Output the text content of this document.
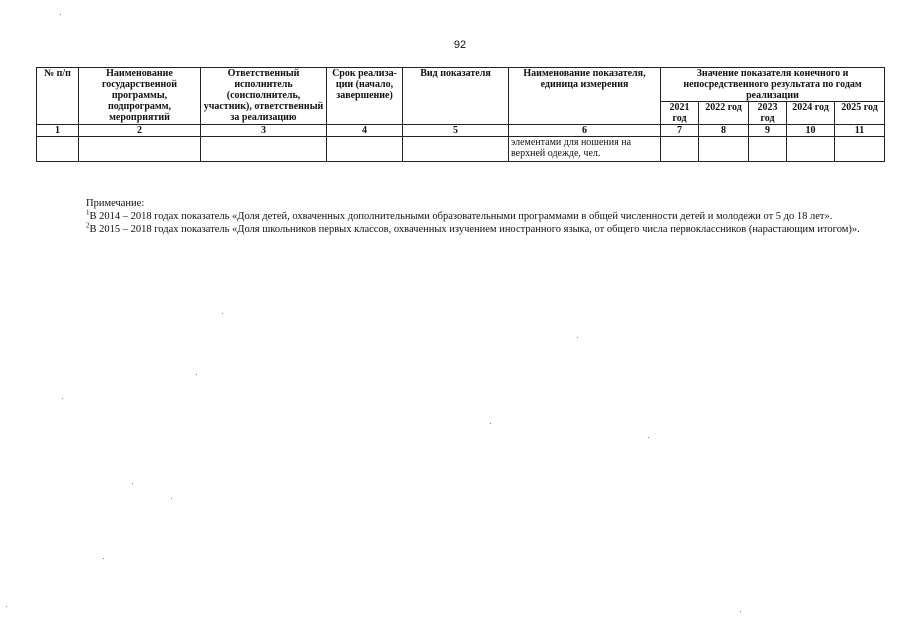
92
№ п/п	Наименование государственной программы, подпрограмм, мероприятий	Ответственный исполнитель (соисполнитель, участник), ответственный за реализацию	Срок реализа-ции (начало, завершение)	Вид показателя	Наименование показателя, единица измерения	Значение показателя конечного и непосредственного результата по годам реализации				
						2021 год	2022 год	2023 год	2024 год	2025 год
1	2	3	4	5	6	7	8	9	10	11
					элементами для ношения на верхней одежде, чел.					
Примечание:

$^1$В 2014 – 2018 годах показатель «Доля детей, охваченных дополнительными образовательными программами в общей численности детей и молодежи от 5 до 18 лет».

$^2$В 2015 – 2018 годах показатель «Доля школьников первых классов, охваченных изучением иностранного языка, от общего числа первоклассников (нарастающим итогом)».
